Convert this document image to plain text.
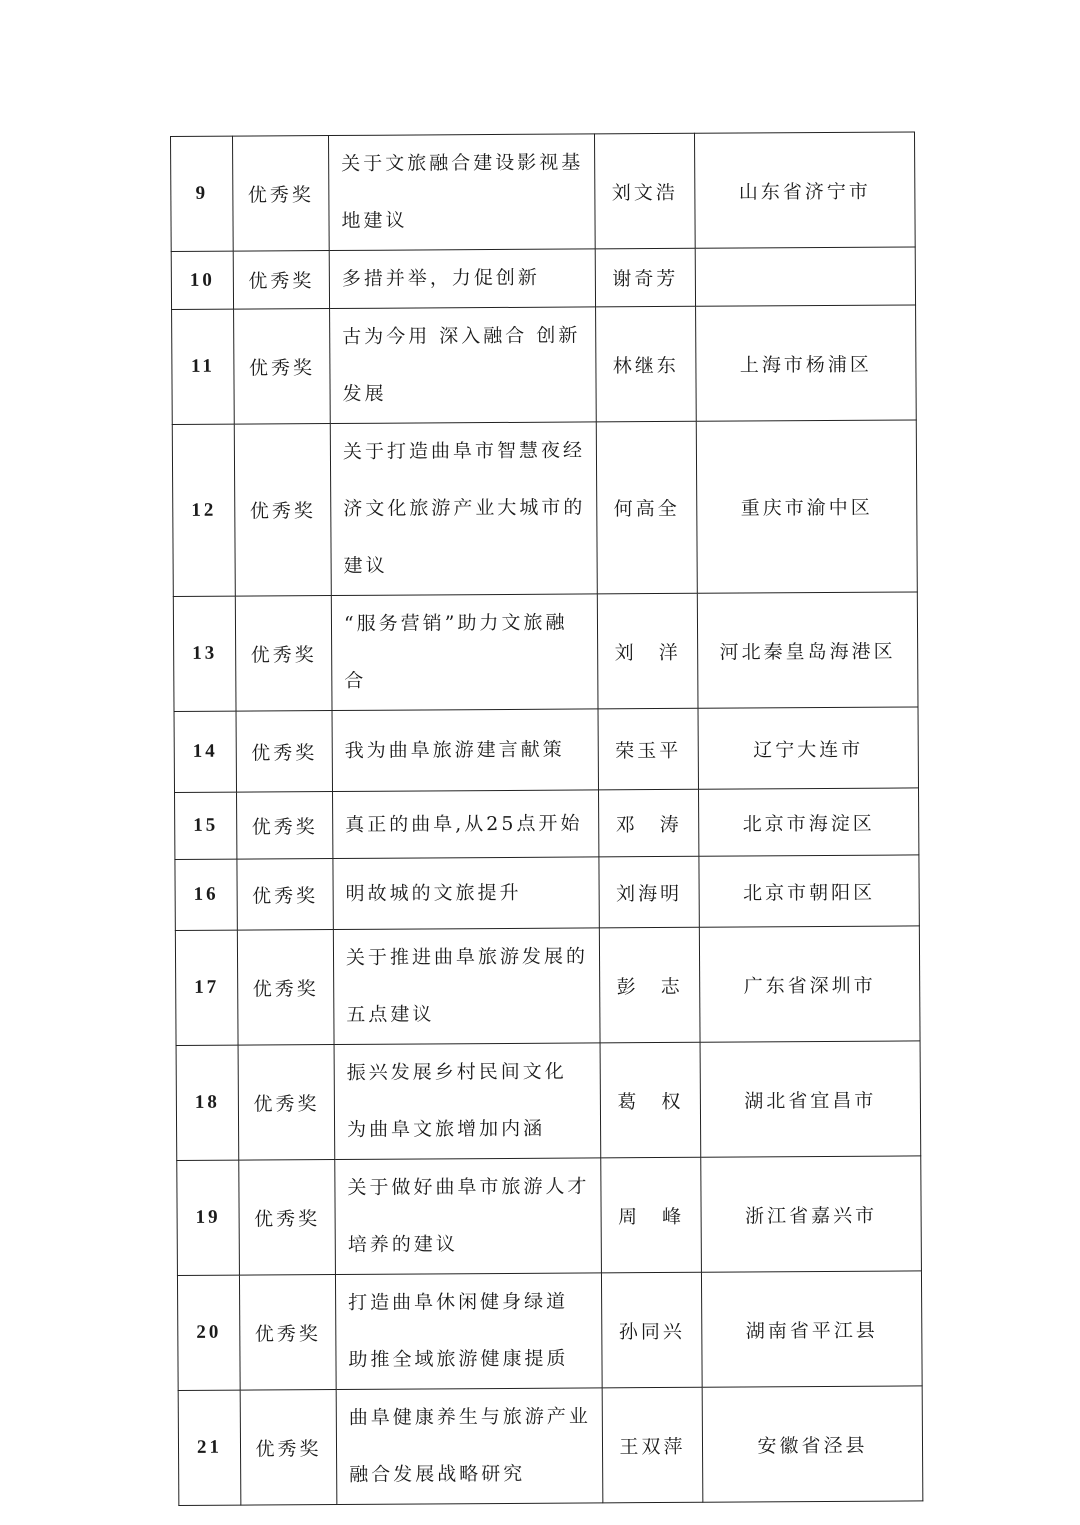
9	优秀奖	关于文旅融合建设影视基地建议	刘文浩	山东省济宁市
10	优秀奖	多措并举，力促创新	谢奇芳	
11	优秀奖	古为今用 深入融合 创新发展	林继东	上海市杨浦区
12	优秀奖	关于打造曲阜市智慧夜经济文化旅游产业大城市的建议	何高全	重庆市渝中区
13	优秀奖	“服务营销”助力文旅融合	刘　洋	河北秦皇岛海港区
14	优秀奖	我为曲阜旅游建言献策	荣玉平	辽宁大连市
15	优秀奖	真正的曲阜,从25点开始	邓　涛	北京市海淀区
16	优秀奖	明故城的文旅提升	刘海明	北京市朝阳区
17	优秀奖	关于推进曲阜旅游发展的五点建议	彭　志	广东省深圳市
18	优秀奖	振兴发展乡村民间文化　为曲阜文旅增加内涵	葛　权	湖北省宜昌市
19	优秀奖	关于做好曲阜市旅游人才培养的建议	周　峰	浙江省嘉兴市
20	优秀奖	打造曲阜休闲健身绿道 助推全域旅游健康提质	孙同兴	湖南省平江县
21	优秀奖	曲阜健康养生与旅游产业融合发展战略研究	王双萍	安徽省泾县
